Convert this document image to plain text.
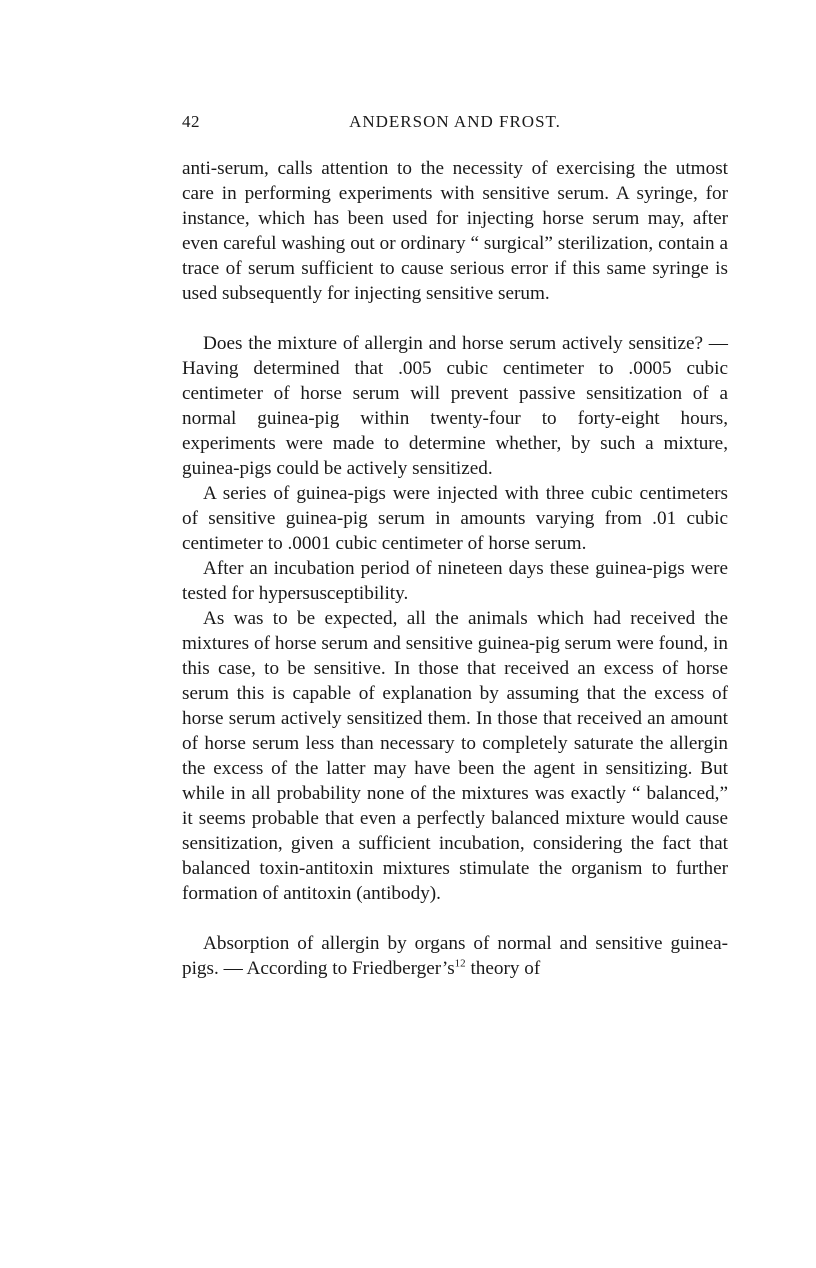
42	ANDERSON AND FROST.

anti-serum, calls attention to the necessity of exercising the utmost care in performing experiments with sensitive serum. A syringe, for instance, which has been used for injecting horse serum may, after even careful washing out or ordinary “ surgical” sterilization, contain a trace of serum sufficient to cause serious error if this same syringe is used subsequently for injecting sensitive serum.

Does the mixture of allergin and horse serum actively sensitize? — Having determined that .005 cubic centimeter to .0005 cubic centimeter of horse serum will prevent passive sensitization of a normal guinea-pig within twenty-four to forty-eight hours, experiments were made to determine whether, by such a mixture, guinea-pigs could be actively sensitized.

A series of guinea-pigs were injected with three cubic centimeters of sensitive guinea-pig serum in amounts varying from .01 cubic centimeter to .0001 cubic centimeter of horse serum.

After an incubation period of nineteen days these guinea-pigs were tested for hypersusceptibility.

As was to be expected, all the animals which had received the mixtures of horse serum and sensitive guinea-pig serum were found, in this case, to be sensitive. In those that received an excess of horse serum this is capable of explanation by assuming that the excess of horse serum actively sensitized them. In those that received an amount of horse serum less than necessary to completely saturate the allergin the excess of the latter may have been the agent in sensitizing. But while in all probability none of the mixtures was exactly “ balanced,” it seems probable that even a perfectly balanced mixture would cause sensitization, given a sufficient incubation, considering the fact that balanced toxin-antitoxin mixtures stimulate the organism to further formation of antitoxin (antibody).

Absorption of allergin by organs of normal and sensitive guinea-pigs. — According to $Friedberger’s^{12}$ theory of
